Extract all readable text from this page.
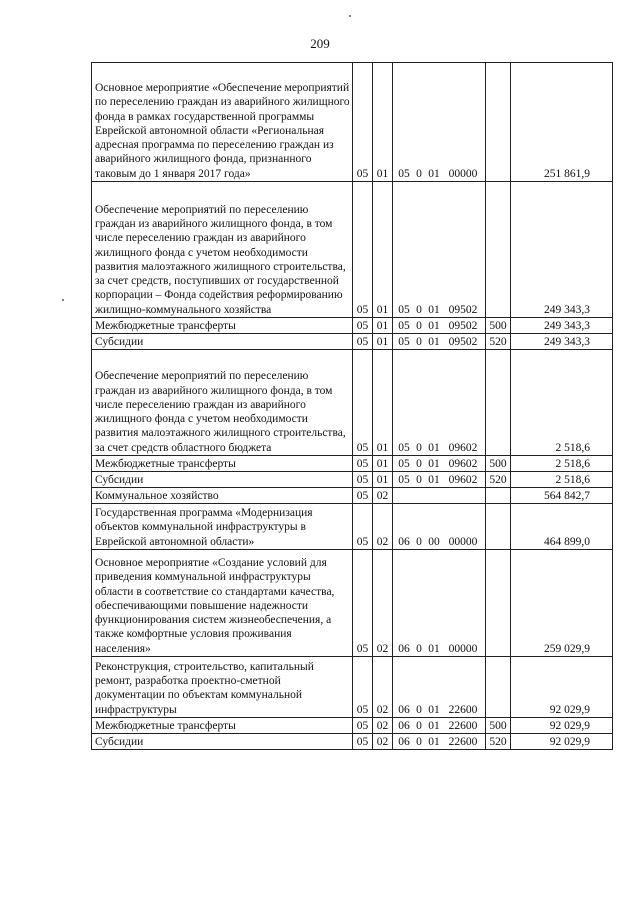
209
Основное мероприятие «Обеспечение мероприятий по переселению граждан из аварийного жилищного фонда в рамках государственной программы Еврейской автономной области «Региональная адресная программа по переселению граждан из аварийного жилищного фонда, признанного таковым до 1 января 2017 года»	05	01	05 0 01 00000		251 861,9
Обеспечение мероприятий по переселению граждан из аварийного жилищного фонда, в том числе переселению граждан из аварийного жилищного фонда с учетом необходимости развития малоэтажного жилищного строительства, за счет средств, поступивших от государственной корпорации – Фонда содействия реформированию жилищно-коммунального хозяйства	05	01	05 0 01 09502		249 343,3
Межбюджетные трансферты	05	01	05 0 01 09502	500	249 343,3
Субсидии	05	01	05 0 01 09502	520	249 343,3
Обеспечение мероприятий по переселению граждан из аварийного жилищного фонда, в том числе переселению граждан из аварийного жилищного фонда с учетом необходимости развития малоэтажного жилищного строительства, за счет средств областного бюджета	05	01	05 0 01 09602		2 518,6
Межбюджетные трансферты	05	01	05 0 01 09602	500	2 518,6
Субсидии	05	01	05 0 01 09602	520	2 518,6
Коммунальное хозяйство	05	02			564 842,7
Государственная программа «Модернизация объектов коммунальной инфраструктуры в Еврейской автономной области»	05	02	06 0 00 00000		464 899,0
Основное мероприятие «Создание условий для приведения коммунальной инфраструктуры области в соответствие со стандартами качества, обеспечивающими повышение надежности функционирования систем жизнеобеспечения, а также комфортные условия проживания населения»	05	02	06 0 01 00000		259 029,9
Реконструкция, строительство, капитальный ремонт, разработка проектно-сметной документации по объектам коммунальной инфраструктуры	05	02	06 0 01 22600		92 029,9
Межбюджетные трансферты	05	02	06 0 01 22600	500	92 029,9
Субсидии	05	02	06 0 01 22600	520	92 029,9
